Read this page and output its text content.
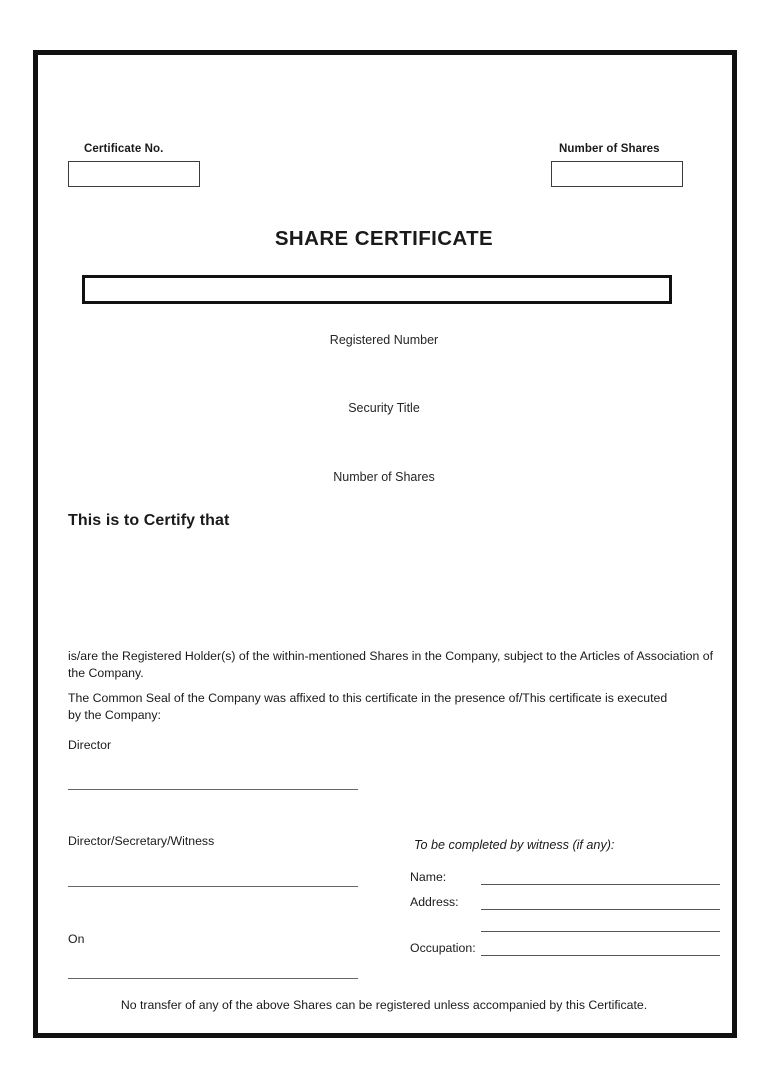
Certificate No.	Number of Shares
SHARE CERTIFICATE
Registered Number
Security Title
Number of Shares
This is to Certify that
is/are the Registered Holder(s) of the within-mentioned Shares in the Company, subject to the Articles of Association of the Company.
The Common Seal of the Company was affixed to this certificate in the presence of/This certificate is executed by the Company:
Director
Director/Secretary/Witness
On
To be completed by witness (if any):
Name:
Address:
Occupation:
No transfer of any of the above Shares can be registered unless accompanied by this Certificate.
